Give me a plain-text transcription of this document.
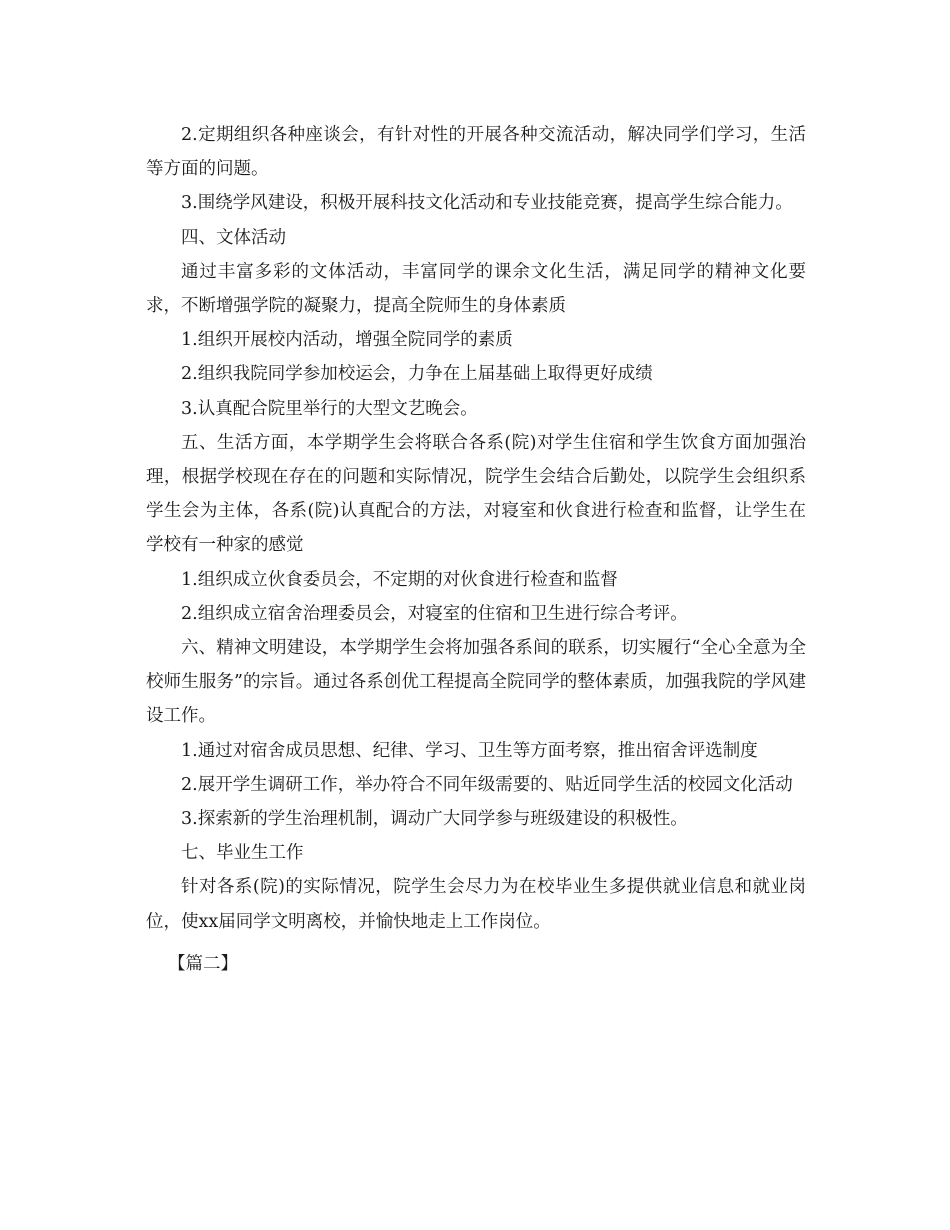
2.定期组织各种座谈会，有针对性的开展各种交流活动，解决同学们学习，生活等方面的问题。

3.围绕学风建设，积极开展科技文化活动和专业技能竞赛，提高学生综合能力。

四、文体活动

通过丰富多彩的文体活动，丰富同学的课余文化生活，满足同学的精神文化要求，不断增强学院的凝聚力，提高全院师生的身体素质

1.组织开展校内活动，增强全院同学的素质

2.组织我院同学参加校运会，力争在上届基础上取得更好成绩

3.认真配合院里举行的大型文艺晚会。

五、生活方面，本学期学生会将联合各系(院)对学生住宿和学生饮食方面加强治理，根据学校现在存在的问题和实际情况，院学生会结合后勤处，以院学生会组织系学生会为主体，各系(院)认真配合的方法，对寝室和伙食进行检查和监督，让学生在学校有一种家的感觉

1.组织成立伙食委员会，不定期的对伙食进行检查和监督

2.组织成立宿舍治理委员会，对寝室的住宿和卫生进行综合考评。

六、精神文明建设，本学期学生会将加强各系间的联系，切实履行“全心全意为全校师生服务”的宗旨。通过各系创优工程提高全院同学的整体素质，加强我院的学风建设工作。

1.通过对宿舍成员思想、纪律、学习、卫生等方面考察，推出宿舍评选制度

2.展开学生调研工作，举办符合不同年级需要的、贴近同学生活的校园文化活动

3.探索新的学生治理机制，调动广大同学参与班级建设的积极性。

七、毕业生工作

针对各系(院)的实际情况，院学生会尽力为在校毕业生多提供就业信息和就业岗位，使xx届同学文明离校，并愉快地走上工作岗位。

【篇二】
